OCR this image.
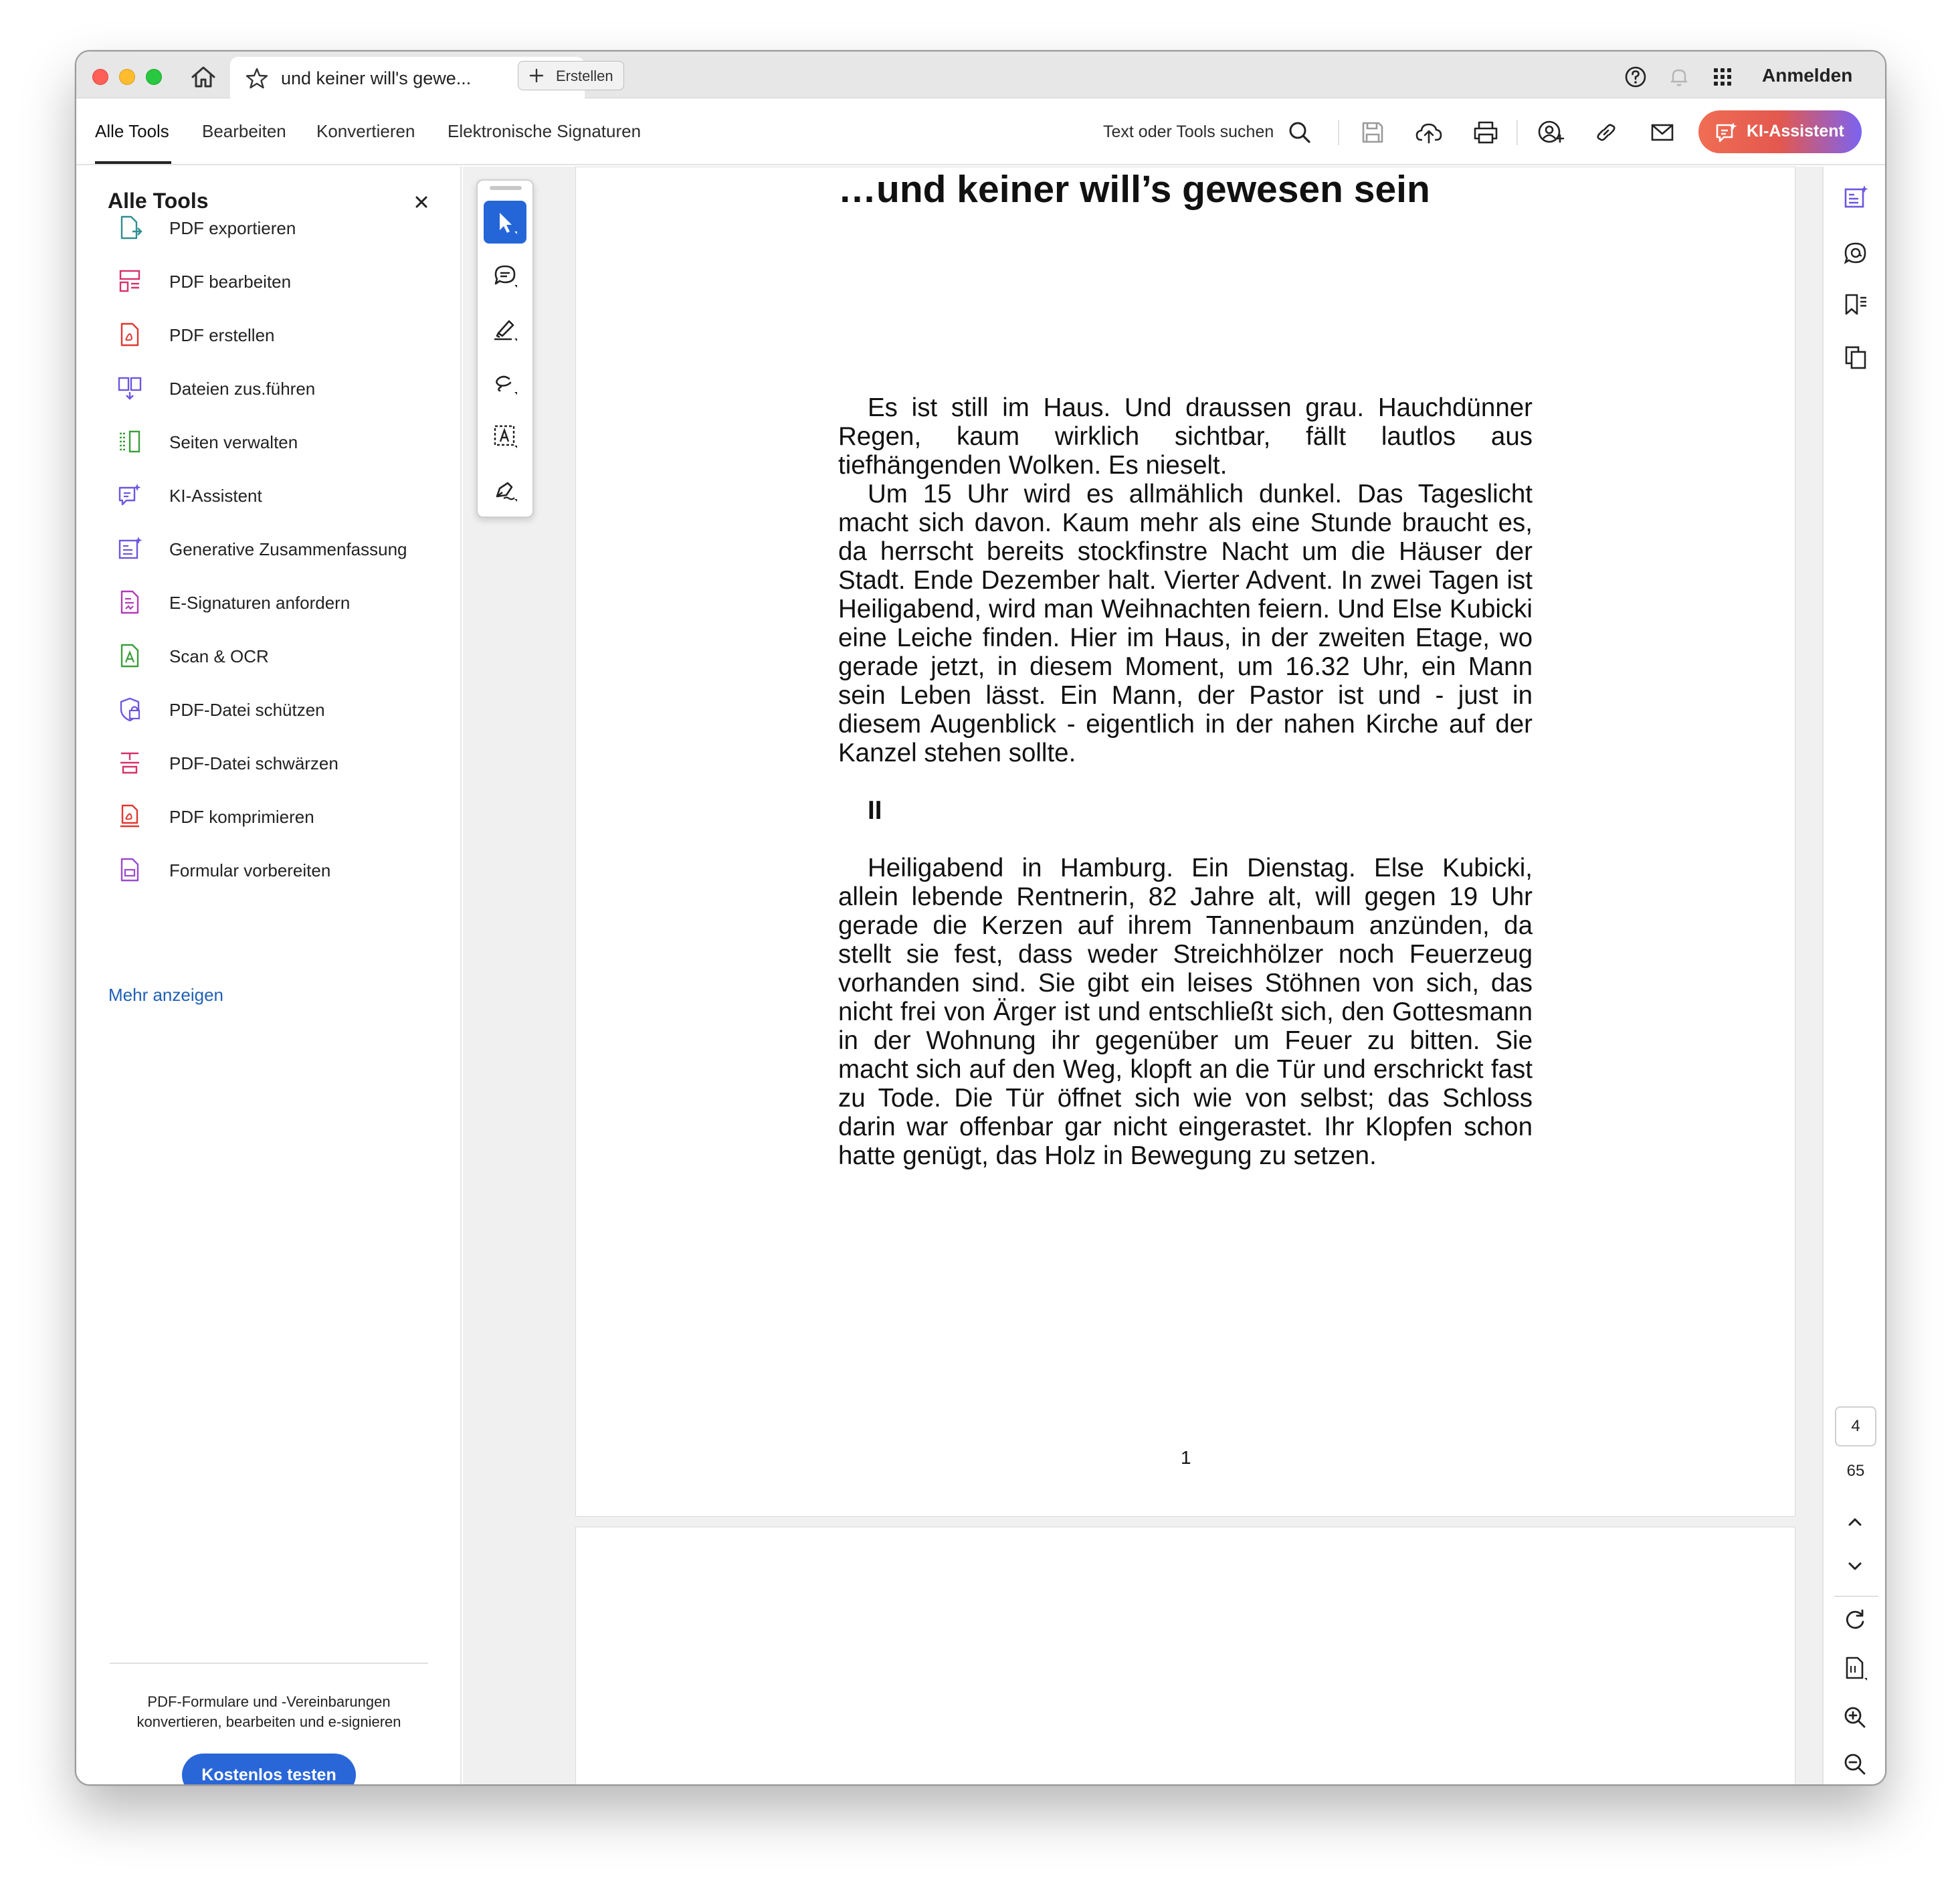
und keiner will's gewe...	Erstellen	Anmelden
Alle Tools Bearbeiten Konvertieren Elektronische Signaturen	Text oder Tools suchen	KI-Assistent
Alle Tools
PDF exportieren
PDF bearbeiten
PDF erstellen
Dateien zus.führen
Seiten verwalten
KI-Assistent
Generative Zusammenfassung
E-Signaturen anfordern
Scan & OCR
PDF-Datei schützen
PDF-Datei schwärzen
PDF komprimieren
Formular vorbereiten
Mehr anzeigen
PDF-Formulare und -Vereinbarungen
konvertieren, bearbeiten und e-signieren
Kostenlos testen
…und keiner will’s gewesen sein

Es ist still im Haus. Und draussen grau. Hauchdünner Regen, kaum wirklich sichtbar, fällt lautlos aus tiefhängenden Wolken. Es nieselt.

Um 15 Uhr wird es allmählich dunkel. Das Tageslicht macht sich davon. Kaum mehr als eine Stunde braucht es, da herrscht bereits stockfinstre Nacht um die Häuser der Stadt. Ende Dezember halt. Vierter Advent. In zwei Tagen ist Heiligabend, wird man Weihnachten feiern. Und Else Kubicki eine Leiche finden. Hier im Haus, in der zweiten Etage, wo gerade jetzt, in diesem Moment, um 16.32 Uhr, ein Mann sein Leben lässt. Ein Mann, der Pastor ist und - just in diesem Augenblick - eigentlich in der nahen Kirche auf der Kanzel stehen sollte.

II

Heiligabend in Hamburg. Ein Dienstag. Else Kubicki, allein lebende Rentnerin, 82 Jahre alt, will gegen 19 Uhr gerade die Kerzen auf ihrem Tannenbaum anzünden, da stellt sie fest, dass weder Streichhölzer noch Feuerzeug vorhanden sind. Sie gibt ein leises Stöhnen von sich, das nicht frei von Ärger ist und entschließt sich, den Gottesmann in der Wohnung ihr gegenüber um Feuer zu bitten. Sie macht sich auf den Weg, klopft an die Tür und erschrickt fast zu Tode. Die Tür öffnet sich wie von selbst; das Schloss darin war offenbar gar nicht eingerastet. Ihr Klopfen schon hatte genügt, das Holz in Bewegung zu setzen.

1
4
65
